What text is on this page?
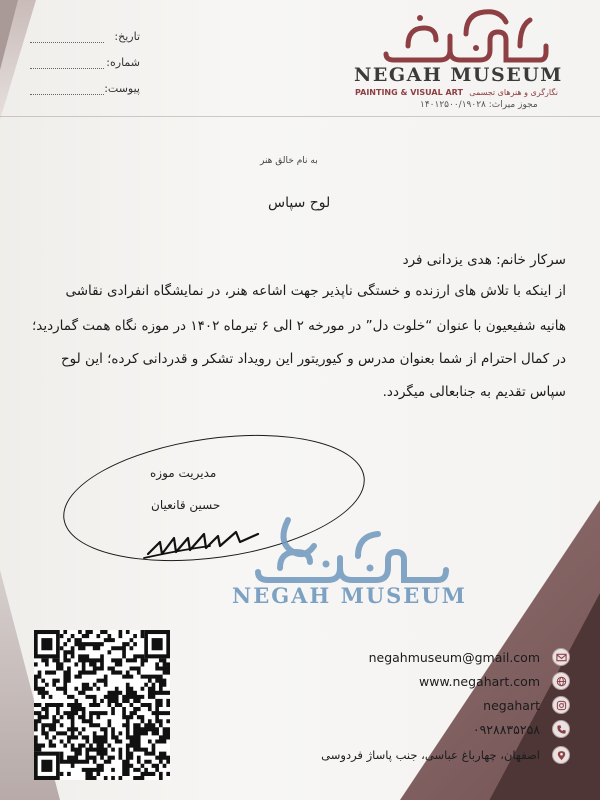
تاریخ:
شماره:
پیوست:
NEGAH MUSEUM
PAINTING & VISUAL ART نگارگری و هنرهای تجسمی
مجوز میراث: ۱۴۰۱۲۵۰۰/۱۹۰۲۸
به نام خالق هنر
لوح سپاس
سرکار خانم: هدی یزدانی فرد
از اینکه با تلاش های ارزنده و خستگی ناپذیر جهت اشاعه هنر، در نمایشگاه انفرادی نقاشی
هانیه شفیعیون با عنوان “خلوت دل” در مورخه ۲ الی ۶ تیرماه ۱۴۰۲ در موزه نگاه همت گماردید؛
در کمال احترام از شما بعنوان مدرس و کیوریتور این رویداد تشکر و قدردانی کرده؛ این لوح
سپاس تقدیم به جنابعالی میگردد.
مدیریت موزه
حسین قانعیان
NEGAH MUSEUM
negahmuseum@gmail.com
www.negahart.com
negahart
۰۹۲۸۸۳۵۲۵۸
اصفهان، چهارباغ عباسی، جنب پاساژ فردوسی
